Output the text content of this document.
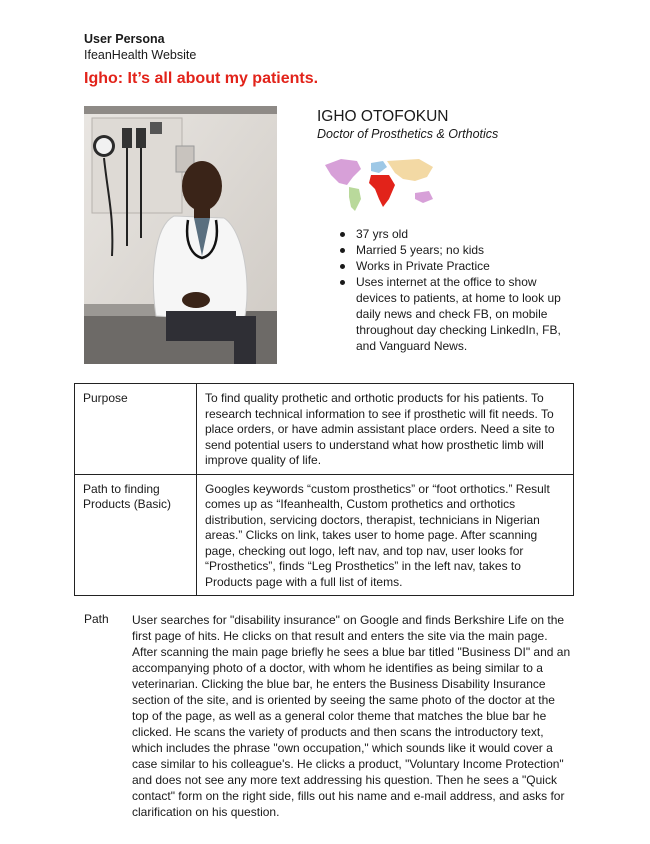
User Persona
IfeanHealth Website
Igho: It’s all about my patients.
IGHO OTOFOKUN
Doctor of Prosthetics & Orthotics
37 yrs old
Married 5 years; no kids
Works in Private Practice
Uses internet at the office to show devices to patients, at home to look up daily news and check FB, on mobile throughout day checking LinkedIn, FB, and Vanguard News.
Purpose	To find quality prothetic and orthotic products for his patients. To research technical information to see if prosthetic will fit needs. To place orders, or have admin assistant place orders. Need a site to send potential users to understand what how prosthetic limb will improve quality of life.
Path to finding Products (Basic)	Googles keywords “custom prosthetics” or “foot orthotics.” Result comes up as “Ifeanhealth, Custom prothetics and orthotics distribution, servicing doctors, therapist, technicians in Nigerian areas.” Clicks on link, takes user to home page. After scanning page, checking out logo, left nav, and top nav, user looks for “Prosthetics”, finds “Leg Prosthetics” in the left nav, takes to Products page with a full list of items.
Path User searches for "disability insurance" on Google and finds Berkshire Life on the first page of hits. He clicks on that result and enters the site via the main page. After scanning the main page briefly he sees a blue bar titled "Business DI" and an accompanying photo of a doctor, with whom he identifies as being similar to a veterinarian. Clicking the blue bar, he enters the Business Disability Insurance section of the site, and is oriented by seeing the same photo of the doctor at the top of the page, as well as a general color theme that matches the blue bar he clicked. He scans the variety of products and then scans the introductory text, which includes the phrase "own occupation," which sounds like it would cover a case similar to his colleague's. He clicks a product, "Voluntary Income Protection" and does not see any more text addressing his question. Then he sees a "Quick contact" form on the right side, fills out his name and e-mail address, and asks for clarification on his question.
